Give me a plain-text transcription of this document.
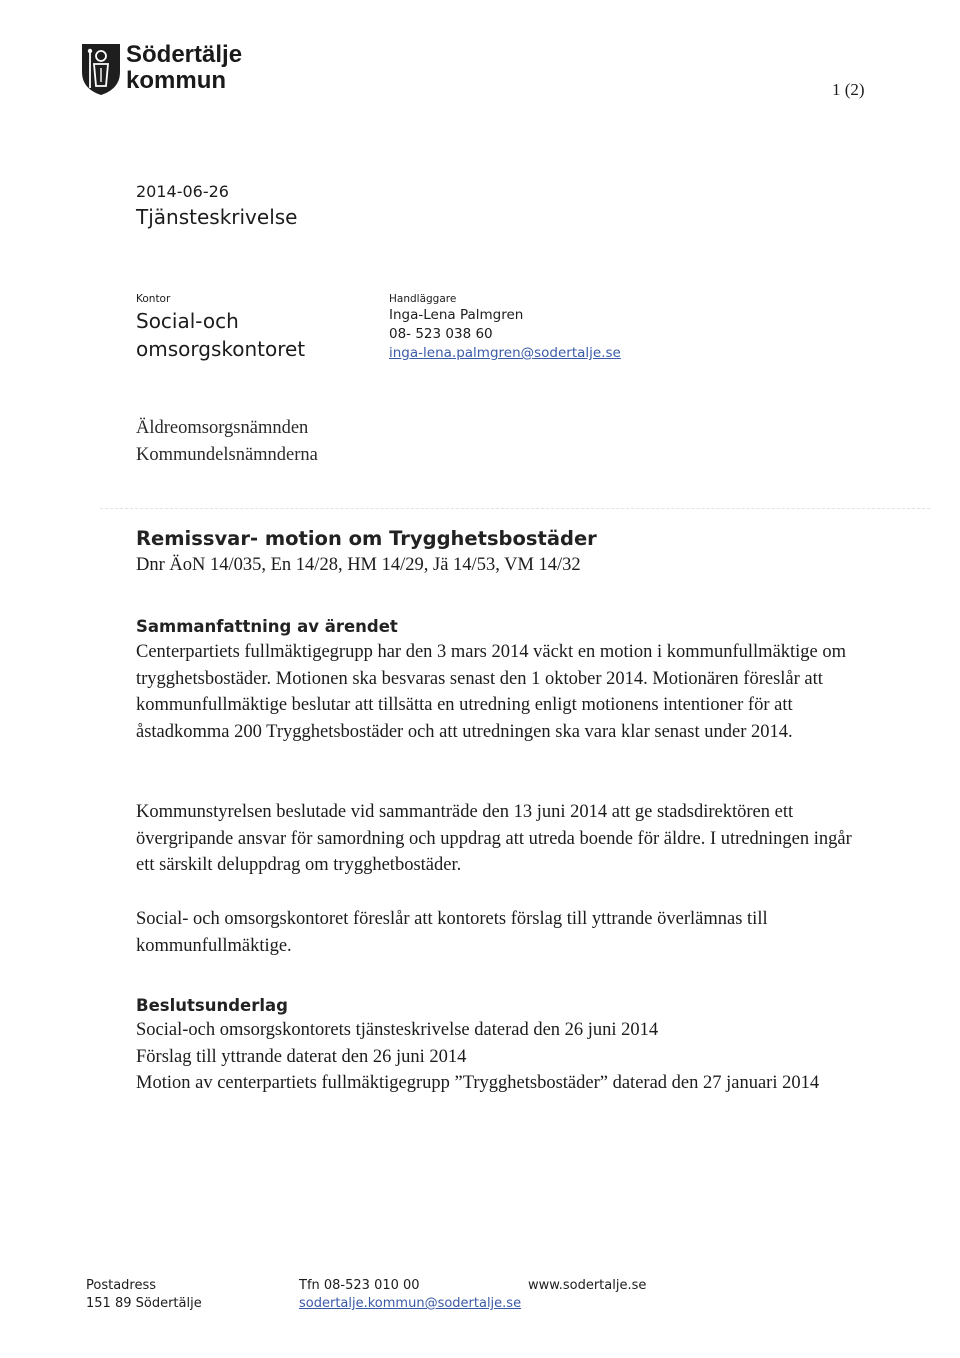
Södertälje
kommun	1 (2)
2014-06-26
Tjänsteskrivelse
Kontor
Social-och omsorgskontoret
Handläggare
Inga-Lena Palmgren
08- 523 038 60
inga-lena.palmgren@sodertalje.se
Äldreomsorgsnämnden
Kommundelsnämnderna
Remissvar- motion om Trygghetsbostäder
Dnr ÄoN 14/035, En 14/28, HM 14/29, Jä 14/53, VM 14/32
Sammanfattning av ärendet
Centerpartiets fullmäktigegrupp har den 3 mars 2014 väckt en motion i kommunfullmäktige om trygghetsbostäder. Motionen ska besvaras senast den 1 oktober 2014. Motionären föreslår att kommunfullmäktige beslutar att tillsätta en utredning enligt motionens intentioner för att åstadkomma 200 Trygghetsbostäder och att utredningen ska vara klar senast under 2014.
Kommunstyrelsen beslutade vid sammanträde den 13 juni 2014 att ge stadsdirektören ett övergripande ansvar för samordning och uppdrag att utreda boende för äldre. I utredningen ingår ett särskilt deluppdrag om trygghetbostäder.
Social- och omsorgskontoret föreslår att kontorets förslag till yttrande överlämnas till kommunfullmäktige.
Beslutsunderlag
Social-och omsorgskontorets tjänsteskrivelse daterad den 26 juni 2014
Förslag till yttrande daterat den 26 juni 2014
Motion av centerpartiets fullmäktigegrupp ”Trygghetsbostäder” daterad den 27 januari 2014
Postadress
151 89 Södertälje
Tfn 08-523 010 00
sodertalje.kommun@sodertalje.se
www.sodertalje.se
